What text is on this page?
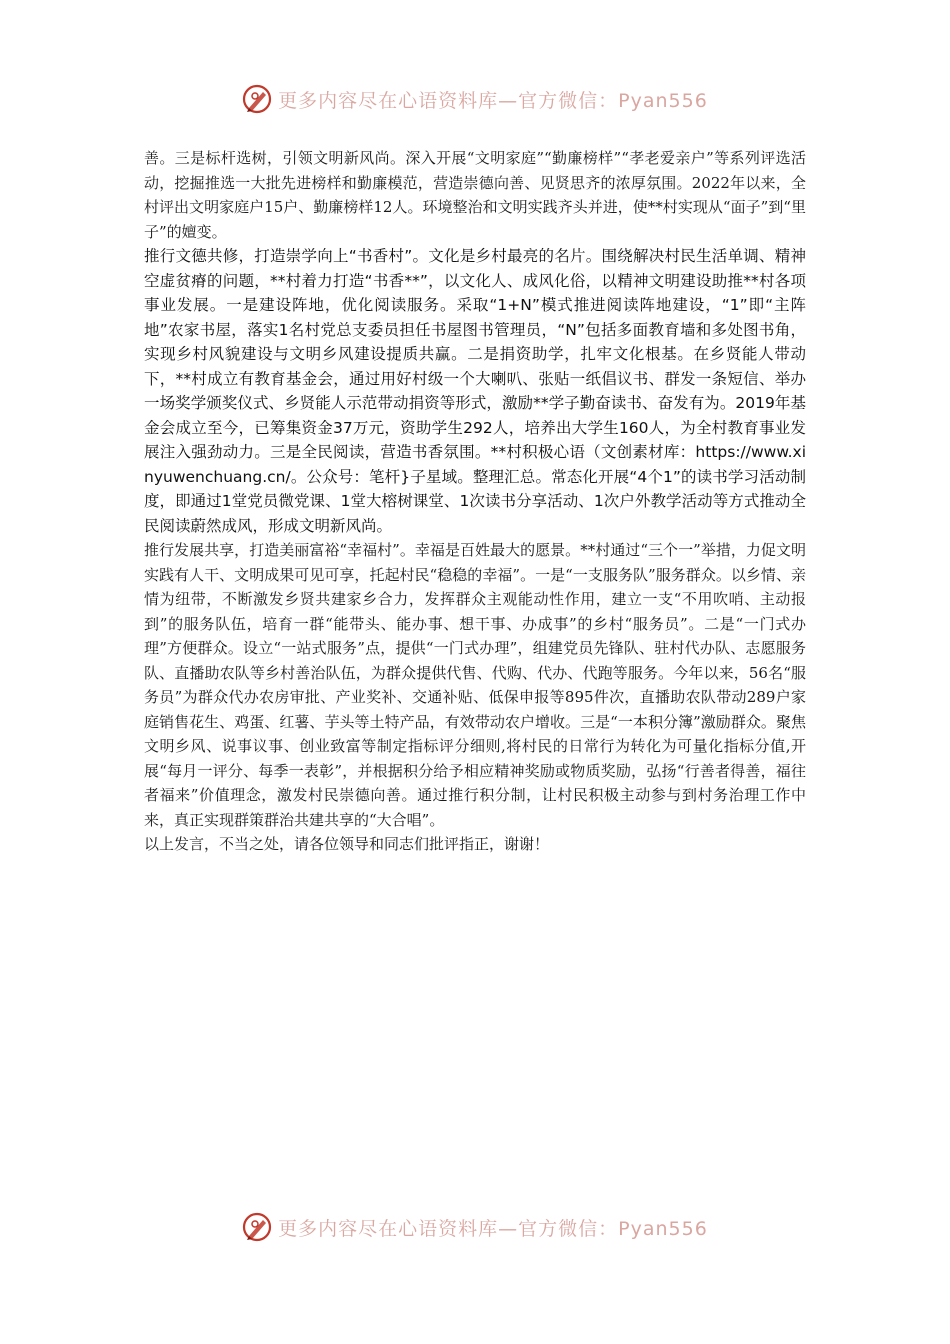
更多内容尽在心语资料库—官方微信：Pyan556

善。三是标杆选树，引领文明新风尚。深入开展“文明家庭”“勤廉榜样”“孝老爱亲户”等系列评选活动，挖掘推选一大批先进榜样和勤廉模范，营造崇德向善、见贤思齐的浓厚氛围。2022年以来，全村评出文明家庭户15户、勤廉榜样12人。环境整治和文明实践齐头并进，使**村实现从“面子”到“里子”的嬗变。

推行文德共修，打造崇学向上“书香村”。文化是乡村最亮的名片。围绕解决村民生活单调、精神空虚贫瘠的问题，**村着力打造“书香**”，以文化人、成风化俗，以精神文明建设助推**村各项事业发展。一是建设阵地，优化阅读服务。采取“1+N”模式推进阅读阵地建设，“1”即“主阵地”农家书屋，落实1名村党总支委员担任书屋图书管理员，“N”包括多面教育墙和多处图书角，实现乡村风貌建设与文明乡风建设提质共赢。二是捐资助学，扎牢文化根基。在乡贤能人带动下，**村成立有教育基金会，通过用好村级一个大喇叭、张贴一纸倡议书、群发一条短信、举办一场奖学颁奖仪式、乡贤能人示范带动捐资等形式，激励**学子勤奋读书、奋发有为。2019年基金会成立至今，已筹集资金37万元，资助学生292人，培养出大学生160人，为全村教育事业发展注入强劲动力。三是全民阅读，营造书香氛围。**村积极心语（文创素材库：https://www.xinyuwenchuang.cn/。公众号：笔杆}子星域。整理汇总。常态化开展“4个1”的读书学习活动制度，即通过1堂党员微党课、1堂大榕树课堂、1次读书分享活动、1次户外教学活动等方式推动全民阅读蔚然成风，形成文明新风尚。

推行发展共享，打造美丽富裕“幸福村”。幸福是百姓最大的愿景。**村通过“三个一”举措，力促文明实践有人干、文明成果可见可享，托起村民“稳稳的幸福”。一是“一支服务队”服务群众。以乡情、亲情为纽带，不断激发乡贤共建家乡合力，发挥群众主观能动性作用，建立一支“不用吹哨、主动报到”的服务队伍，培育一群“能带头、能办事、想干事、办成事”的乡村“服务员”。二是“一门式办理”方便群众。设立“一站式服务”点，提供“一门式办理”，组建党员先锋队、驻村代办队、志愿服务队、直播助农队等乡村善治队伍，为群众提供代售、代购、代办、代跑等服务。今年以来，56名“服务员”为群众代办农房审批、产业奖补、交通补贴、低保申报等895件次，直播助农队带动289户家庭销售花生、鸡蛋、红薯、芋头等土特产品，有效带动农户增收。三是“一本积分簿”激励群众。聚焦文明乡风、说事议事、创业致富等制定指标评分细则,将村民的日常行为转化为可量化指标分值,开展“每月一评分、每季一表彰”，并根据积分给予相应精神奖励或物质奖励，弘扬“行善者得善，福往者福来”价值理念，激发村民崇德向善。通过推行积分制，让村民积极主动参与到村务治理工作中来，真正实现群策群治共建共享的“大合唱”。

以上发言，不当之处，请各位领导和同志们批评指正，谢谢！

更多内容尽在心语资料库—官方微信：Pyan556
